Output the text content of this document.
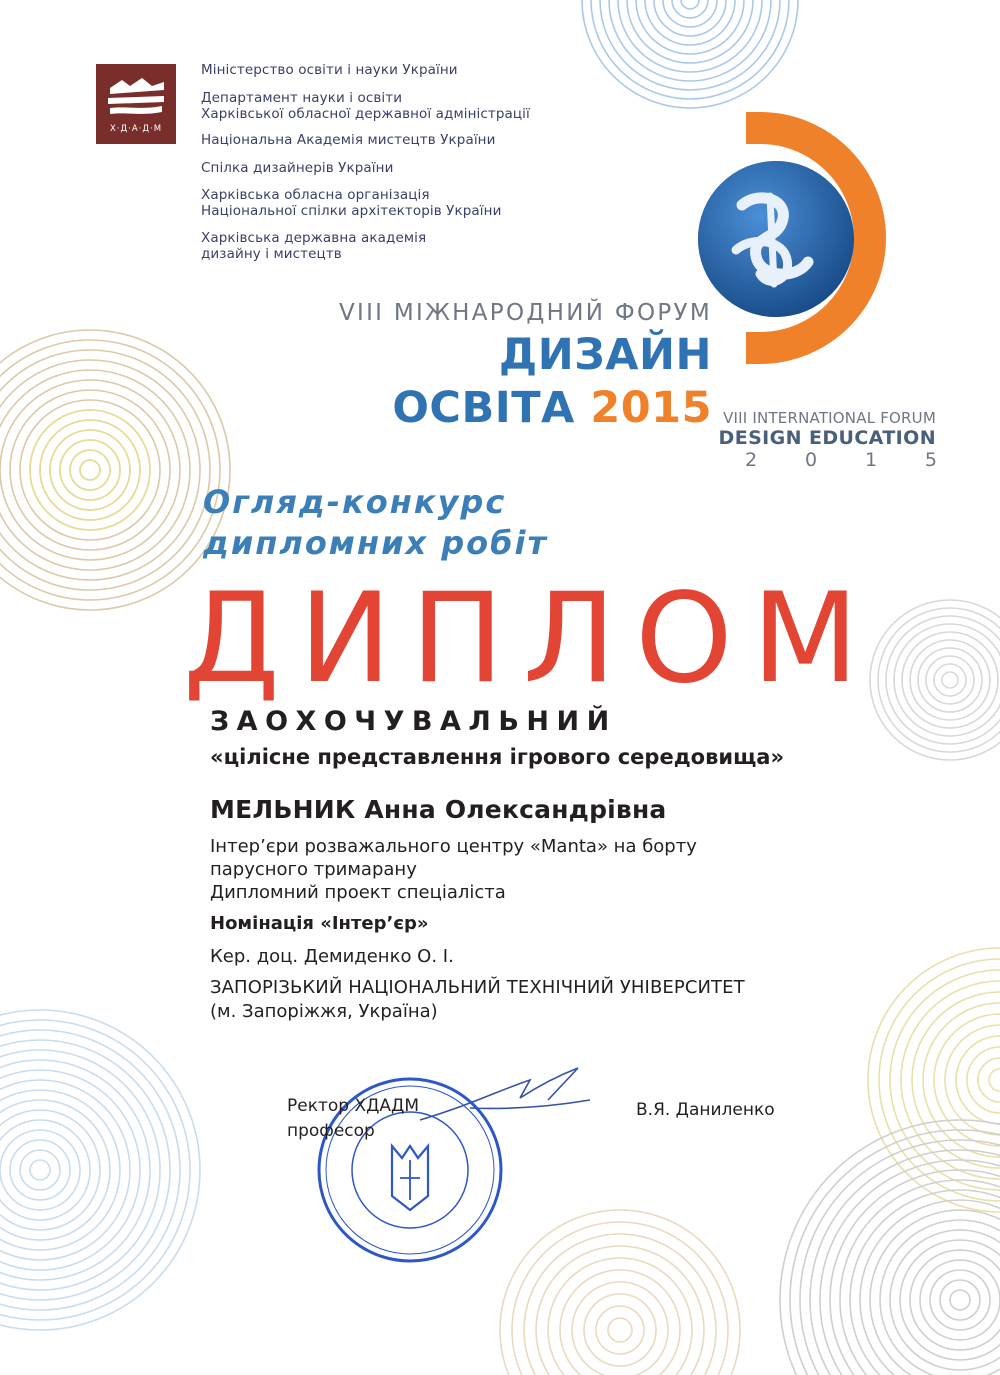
Х·Д·А·Д·М
Міністерство освіти і науки України
Департамент науки і освіти
Харківської обласної державної адміністрації
Національна Академія мистецтв України
Спілка дизайнерів України
Харківська обласна організація
Національної спілки архітекторів України
Харківська державна академія
дизайну і мистецтв
VIII МІЖНАРОДНИЙ ФОРУМ
ДИЗАЙН
ОСВІТА 2015 VIII INTERNATIONAL FORUM
DESIGN EDUCATION
2	0	1	5
Огляд-конкурс
дипломних робіт
ДИПЛОМ
ЗАОХОЧУВАЛЬНИЙ
«цілісне представлення ігрового середовища»
МЕЛЬНИК Анна Олександрівна
Інтер’єри розважального центру «Manta» на борту
парусного тримарану
Дипломний проект спеціаліста
Номінація «Інтер’єр»
Кер. доц. Демиденко О. І.
ЗАПОРІЗЬКИЙ НАЦІОНАЛЬНИЙ ТЕХНІЧНИЙ УНІВЕРСИТЕТ
(м. Запоріжжя, Україна)
Ректор ХДАДМ
професор
В.Я. Даниленко
